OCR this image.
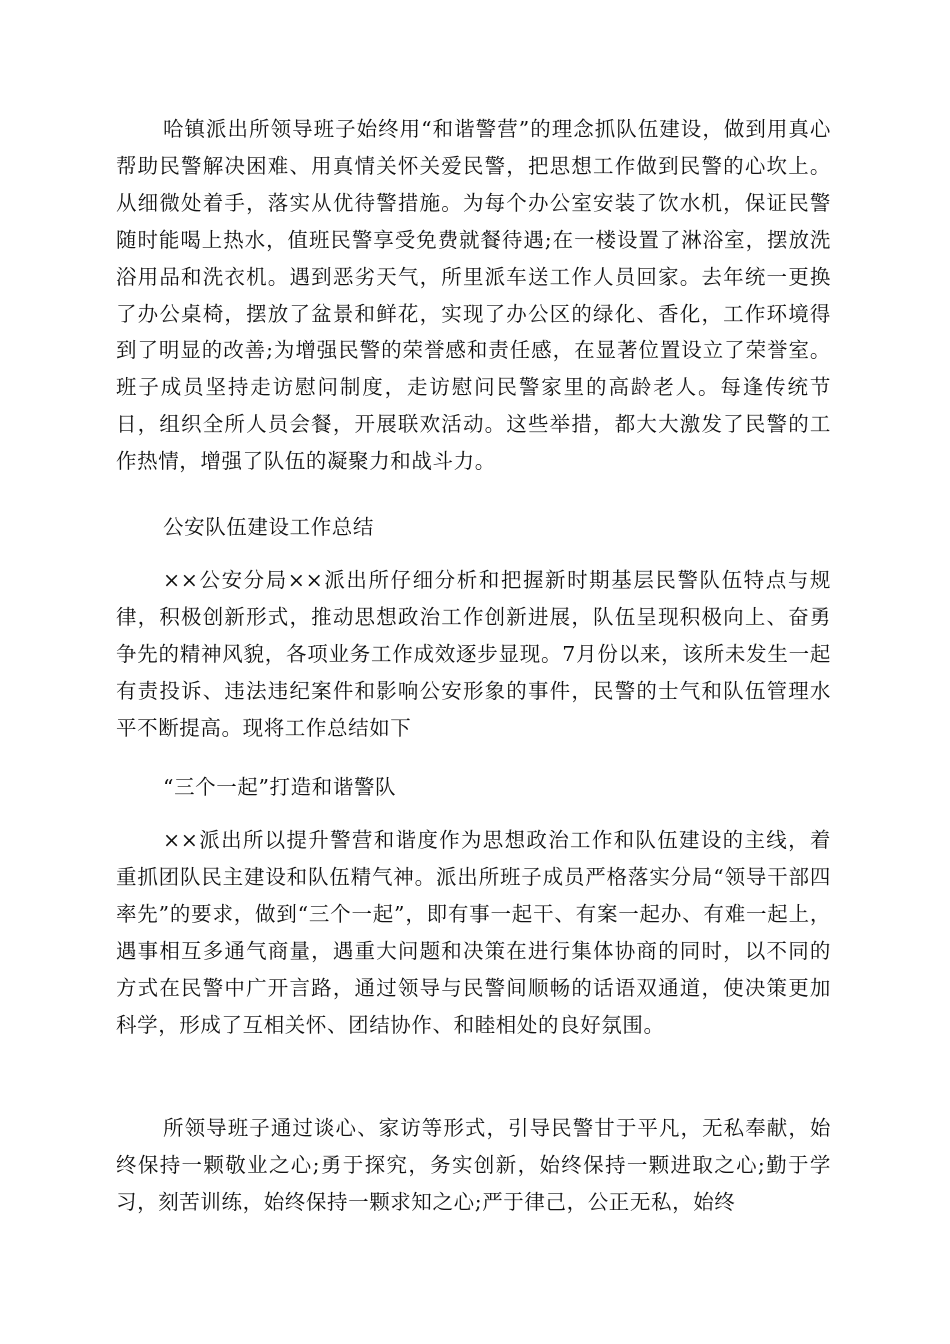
哈镇派出所领导班子始终用“和谐警营”的理念抓队伍建设，做到用真心帮助民警解决困难、用真情关怀关爱民警，把思想工作做到民警的心坎上。从细微处着手，落实从优待警措施。为每个办公室安装了饮水机，保证民警随时能喝上热水，值班民警享受免费就餐待遇;在一楼设置了淋浴室，摆放洗浴用品和洗衣机。遇到恶劣天气，所里派车送工作人员回家。去年统一更换了办公桌椅，摆放了盆景和鲜花，实现了办公区的绿化、香化，工作环境得到了明显的改善;为增强民警的荣誉感和责任感，在显著位置设立了荣誉室。班子成员坚持走访慰问制度，走访慰问民警家里的高龄老人。每逢传统节日，组织全所人员会餐，开展联欢活动。这些举措，都大大激发了民警的工作热情，增强了队伍的凝聚力和战斗力。

公安队伍建设工作总结

××公安分局××派出所仔细分析和把握新时期基层民警队伍特点与规律，积极创新形式，推动思想政治工作创新进展，队伍呈现积极向上、奋勇争先的精神风貌，各项业务工作成效逐步显现。7月份以来，该所未发生一起有责投诉、违法违纪案件和影响公安形象的事件，民警的士气和队伍管理水平不断提高。现将工作总结如下

“三个一起”打造和谐警队

××派出所以提升警营和谐度作为思想政治工作和队伍建设的主线，着重抓团队民主建设和队伍精气神。派出所班子成员严格落实分局“领导干部四率先”的要求，做到“三个一起”，即有事一起干、有案一起办、有难一起上，遇事相互多通气商量，遇重大问题和决策在进行集体协商的同时，以不同的方式在民警中广开言路，通过领导与民警间顺畅的话语双通道，使决策更加科学，形成了互相关怀、团结协作、和睦相处的良好氛围。

所领导班子通过谈心、家访等形式，引导民警甘于平凡，无私奉献，始终保持一颗敬业之心;勇于探究，务实创新，始终保持一颗进取之心;勤于学习，刻苦训练，始终保持一颗求知之心;严于律己，公正无私，始终
